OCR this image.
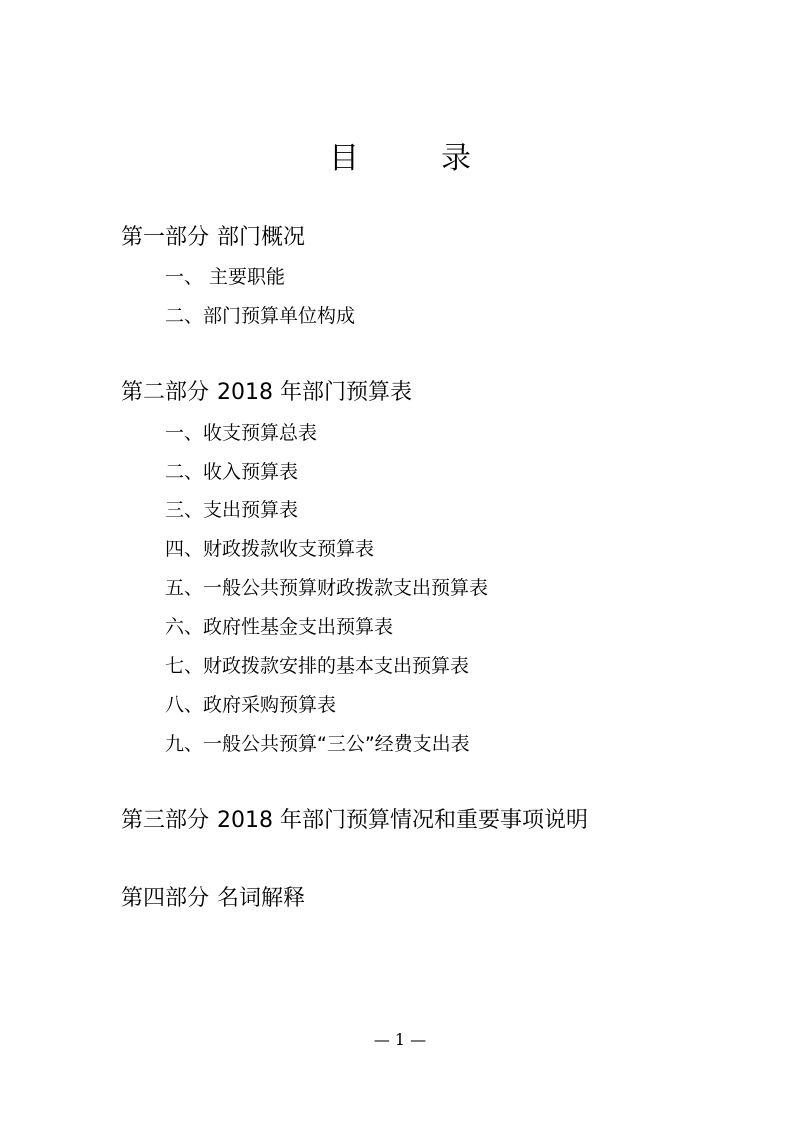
目　录
第一部分 部门概况
一、 主要职能
二、部门预算单位构成
第二部分 2018 年部门预算表
一、收支预算总表
二、收入预算表
三、支出预算表
四、财政拨款收支预算表
五、一般公共预算财政拨款支出预算表
六、政府性基金支出预算表
七、财政拨款安排的基本支出预算表
八、政府采购预算表
九、一般公共预算“三公”经费支出表
第三部分 2018 年部门预算情况和重要事项说明
第四部分 名词解释
— 1 —
